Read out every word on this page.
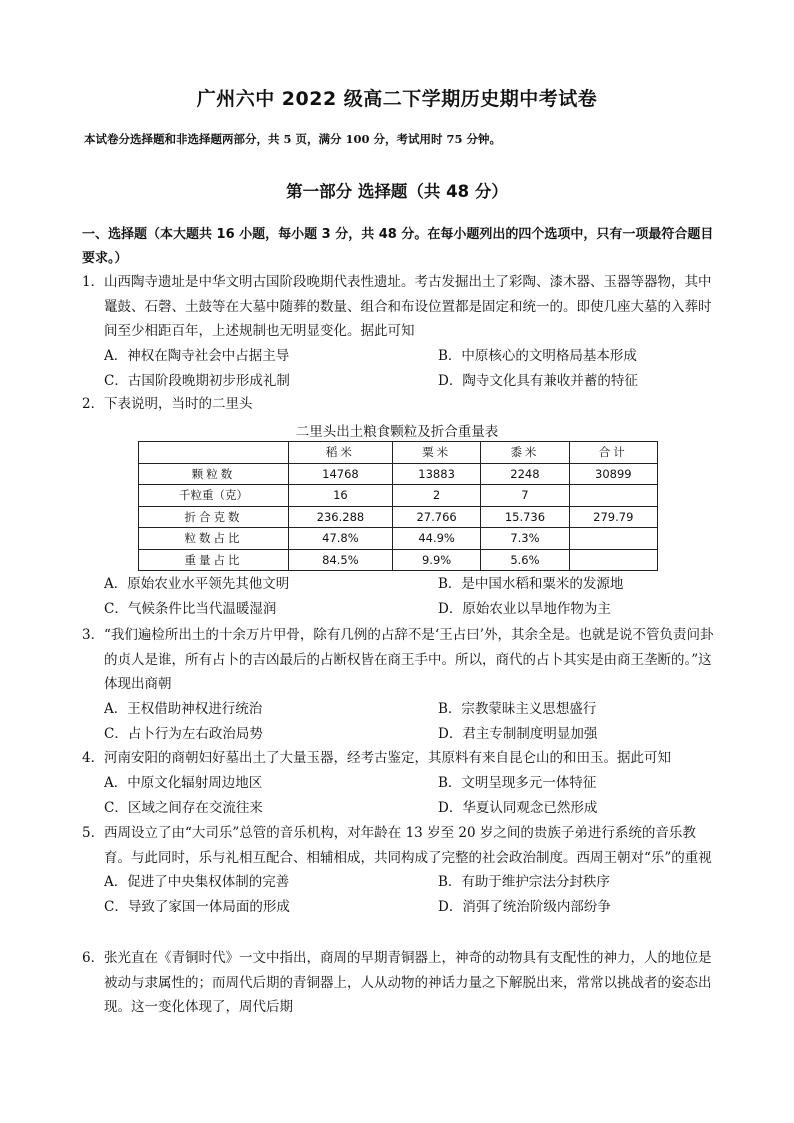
广州六中 2022 级高二下学期历史期中考试卷
本试卷分选择题和非选择题两部分，共 5 页，满分 100 分，考试用时 75 分钟。
第一部分 选择题（共 48 分）
一、选择题（本大题共 16 小题，每小题 3 分，共 48 分。在每小题列出的四个选项中，只有一项最符合题目要求。）
1．山西陶寺遗址是中华文明古国阶段晚期代表性遗址。考古发掘出土了彩陶、漆木器、玉器等器物，其中鼍鼓、石磬、土鼓等在大墓中随葬的数量、组合和布设位置都是固定和统一的。即使几座大墓的入葬时间至少相距百年，上述规制也无明显变化。据此可知
A．神权在陶寺社会中占据主导	B．中原核心的文明格局基本形成
C．古国阶段晚期初步形成礼制	D．陶寺文化具有兼收并蓄的特征
2．下表说明，当时的二里头
二里头出土粮食颗粒及折合重量表
	稻米	粟米	黍米	合计
颗粒数	14768	13883	2248	30899
千粒重（克）	16	2	7	
折合克数	236.288	27.766	15.736	279.79
粒数占比	47.8%	44.9%	7.3%	
重量占比	84.5%	9.9%	5.6%	
A．原始农业水平领先其他文明	B．是中国水稻和粟米的发源地
C．气候条件比当代温暖湿润	D．原始农业以旱地作物为主
3．“我们遍检所出土的十余万片甲骨，除有几例的占辞不是‘王占曰’外，其余全是。也就是说不管负责问卦的贞人是谁，所有占卜的吉凶最后的占断权皆在商王手中。所以，商代的占卜其实是由商王垄断的。”这体现出商朝
A．王权借助神权进行统治	B．宗教蒙昧主义思想盛行
C．占卜行为左右政治局势	D．君主专制制度明显加强
4．河南安阳的商朝妇好墓出土了大量玉器，经考古鉴定，其原料有来自昆仑山的和田玉。据此可知
A．中原文化辐射周边地区	B．文明呈现多元一体特征
C．区域之间存在交流往来	D．华夏认同观念已然形成
5．西周设立了由“大司乐”总管的音乐机构，对年龄在 13 岁至 20 岁之间的贵族子弟进行系统的音乐教育。与此同时，乐与礼相互配合、相辅相成，共同构成了完整的社会政治制度。西周王朝对“乐”的重视
A．促进了中央集权体制的完善	B．有助于维护宗法分封秩序
C．导致了家国一体局面的形成	D．消弭了统治阶级内部纷争
6．张光直在《青铜时代》一文中指出，商周的早期青铜器上，神奇的动物具有支配性的神力，人的地位是被动与隶属性的；而周代后期的青铜器上，人从动物的神话力量之下解脱出来，常常以挑战者的姿态出现。这一变化体现了，周代后期
